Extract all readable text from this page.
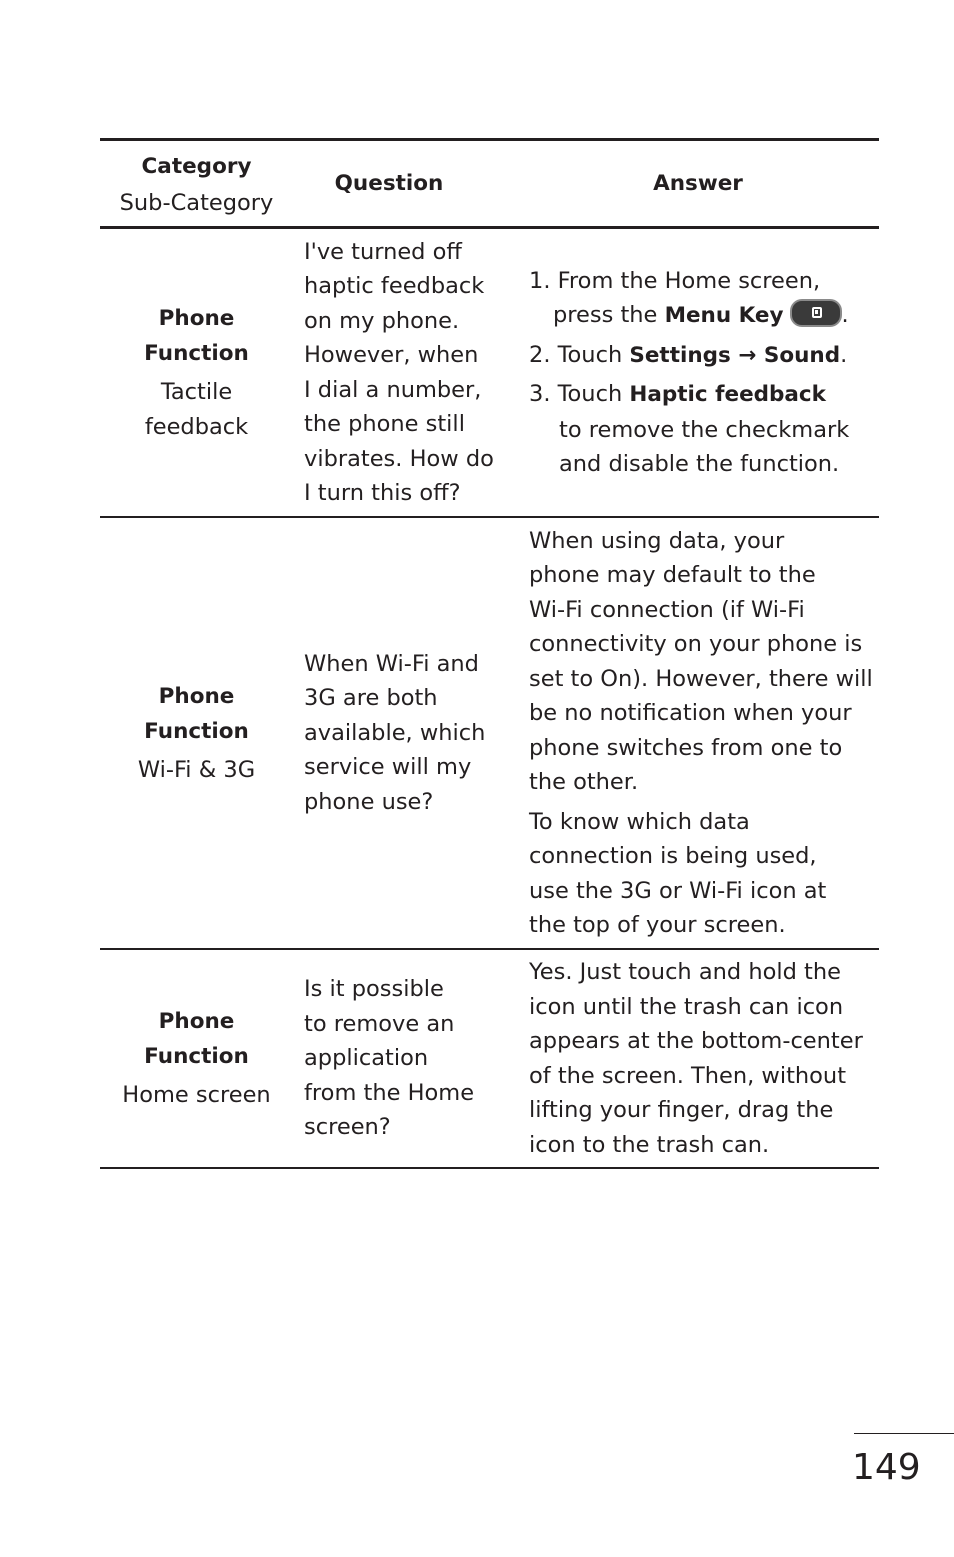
Category
Sub-Category
Question	Answer
Phone
Function
Tactile
feedback
I've turned off
haptic feedback
on my phone.
However, when
I dial a number,
the phone still
vibrates. How do
I turn this off?
1. From the Home screen,
press the Menu Key	.
2. Touch Settings → Sound.
3. Touch Haptic feedback
to remove the checkmark
and disable the function.
Phone
Function
Wi-Fi & 3G
When Wi-Fi and
3G are both
available, which
service will my
phone use?
When using data, your
phone may default to the
Wi-Fi connection (if Wi-Fi
connectivity on your phone is
set to On). However, there will
be no notification when your
phone switches from one to
the other.
To know which data
connection is being used,
use the 3G or Wi-Fi icon at
the top of your screen.
Phone
Function
Home screen
Is it possible
to remove an
application
from the Home
screen?
Yes. Just touch and hold the
icon until the trash can icon
appears at the bottom-center
of the screen. Then, without
lifting your finger, drag the
icon to the trash can.
149
